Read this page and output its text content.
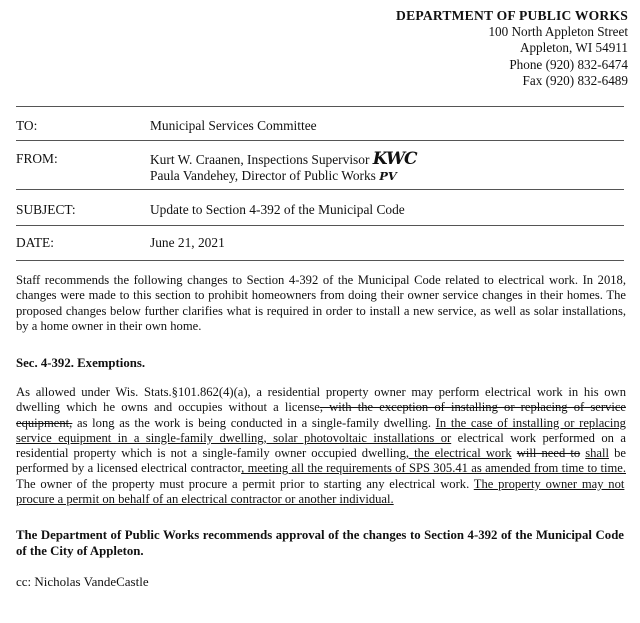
DEPARTMENT OF PUBLIC WORKS
100 North Appleton Street
Appleton, WI 54911
Phone (920) 832-6474
Fax (920) 832-6489
TO:	Municipal Services Committee
FROM:	Kurt W. Craanen, Inspections Supervisor KWC
Paula Vandehey, Director of Public Works PV
SUBJECT:	Update to Section 4-392 of the Municipal Code
DATE:	June 21, 2021
Staff recommends the following changes to Section 4-392 of the Municipal Code related to electrical work. In 2018, changes were made to this section to prohibit homeowners from doing their owner service changes in their homes. The proposed changes below further clarifies what is required in order to install a new service, as well as solar installations, by a home owner in their own home.
Sec. 4-392. Exemptions.
As allowed under Wis. Stats.§101.862(4)(a), a residential property owner may perform electrical work in his own dwelling which he owns and occupies without a license, with the exception of installing or replacing of service equipment, as long as the work is being conducted in a single-family dwelling. In the case of installing or replacing service equipment in a single-family dwelling, solar photovoltaic installations or electrical work performed on a residential property which is not a single-family owner occupied dwelling, the electrical work will need to shall be performed by a licensed electrical contractor, meeting all the requirements of SPS 305.41 as amended from time to time. The owner of the property must procure a permit prior to starting any electrical work. The property owner may not procure a permit on behalf of an electrical contractor or another individual.
The Department of Public Works recommends approval of the changes to Section 4-392 of the Municipal Code of the City of Appleton.
cc: Nicholas VandeCastle
